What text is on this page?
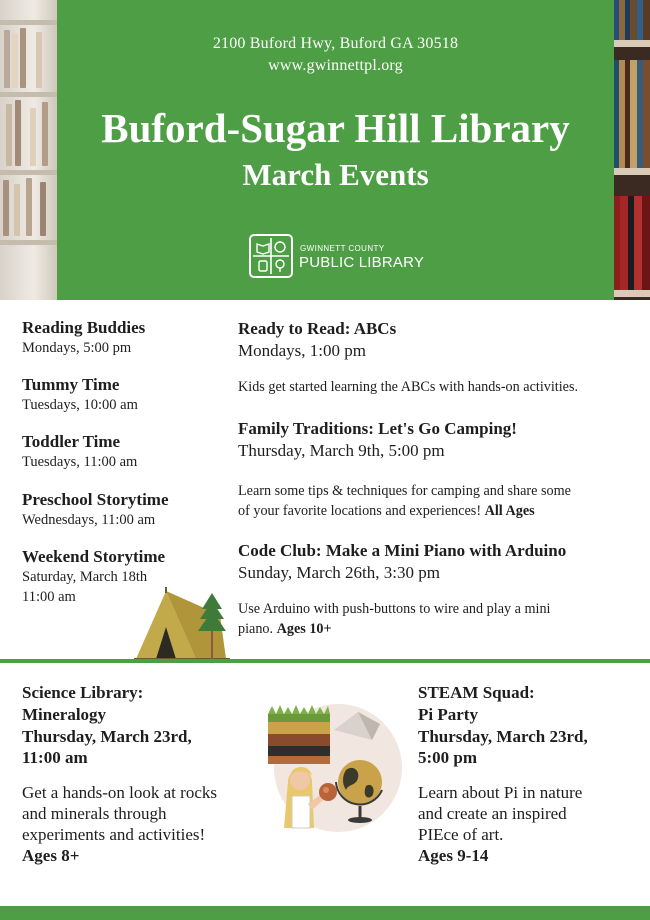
2100 Buford Hwy, Buford GA 30518
www.gwinnettpl.org
Buford-Sugar Hill Library
March Events
GWINNETT COUNTY
PUBLIC LIBRARY
Reading Buddies
Mondays, 5:00 pm
Tummy Time
Tuesdays, 10:00 am
Toddler Time
Tuesdays, 11:00 am
Preschool Storytime
Wednesdays, 11:00 am
Weekend Storytime
Saturday, March 18th
11:00 am
Ready to Read: ABCs
Mondays, 1:00 pm
Kids get started learning the ABCs with hands-on activities.
Family Traditions: Let's Go Camping!
Thursday, March 9th, 5:00 pm
Learn some tips & techniques for camping and share some
of your favorite locations and experiences! All Ages
Code Club: Make a Mini Piano with Arduino
Sunday, March 26th, 3:30 pm
Use Arduino with push-buttons to wire and play a mini
piano. Ages 10+
Science Library:
Mineralogy
Thursday, March 23rd,
11:00 am
Get a hands-on look at rocks
and minerals through
experiments and activities!
Ages 8+
STEAM Squad:
Pi Party
Thursday, March 23rd,
5:00 pm
Learn about Pi in nature
and create an inspired
PIEce of art.
Ages 9-14
